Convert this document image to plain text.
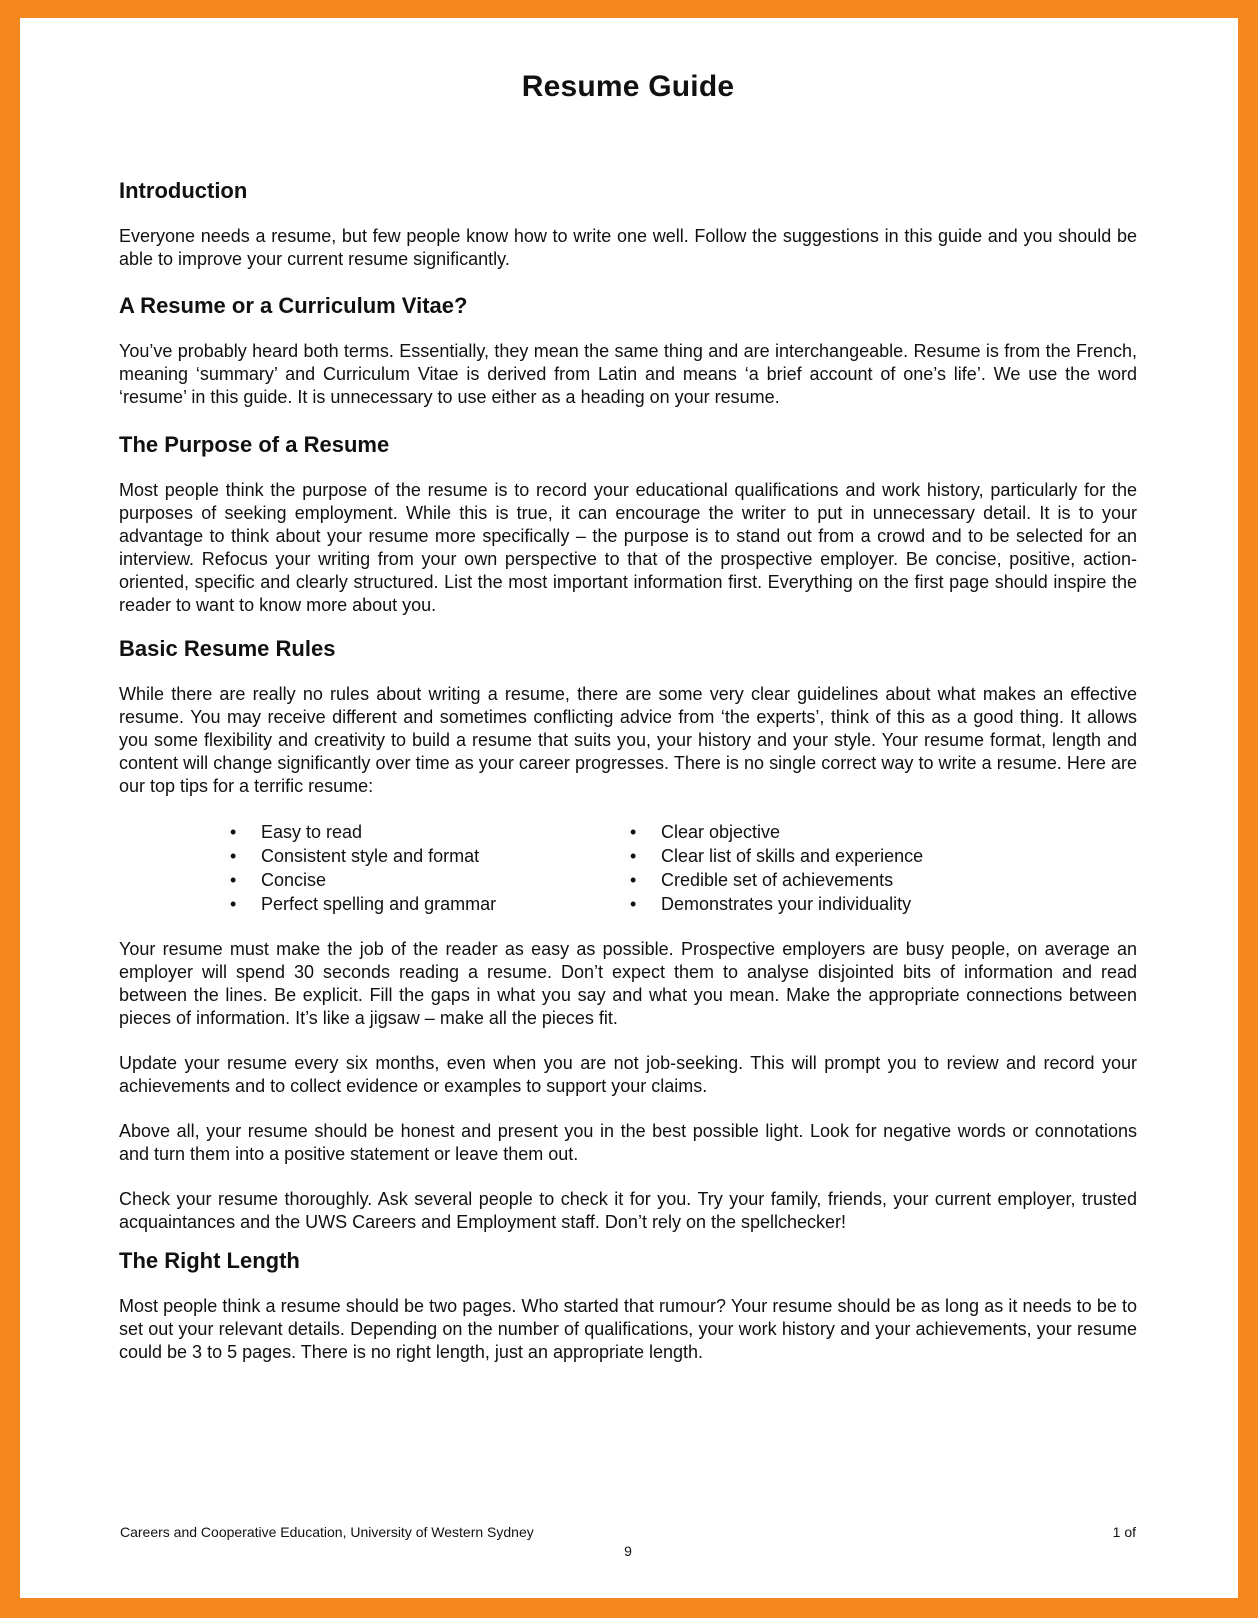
Resume Guide
Introduction

Everyone needs a resume, but few people know how to write one well. Follow the suggestions in this guide and you should be able to improve your current resume significantly.

A Resume or a Curriculum Vitae?

You’ve probably heard both terms. Essentially, they mean the same thing and are interchangeable. Resume is from the French, meaning ‘summary’ and Curriculum Vitae is derived from Latin and means ‘a brief account of one’s life’. We use the word ‘resume’ in this guide. It is unnecessary to use either as a heading on your resume.

The Purpose of a Resume

Most people think the purpose of the resume is to record your educational qualifications and work history, particularly for the purposes of seeking employment. While this is true, it can encourage the writer to put in unnecessary detail. It is to your advantage to think about your resume more specifically – the purpose is to stand out from a crowd and to be selected for an interview. Refocus your writing from your own perspective to that of the prospective employer. Be concise, positive, action-oriented, specific and clearly structured. List the most important information first. Everything on the first page should inspire the reader to want to know more about you.

Basic Resume Rules

While there are really no rules about writing a resume, there are some very clear guidelines about what makes an effective resume. You may receive different and sometimes conflicting advice from ‘the experts’, think of this as a good thing. It allows you some flexibility and creativity to build a resume that suits you, your history and your style. Your resume format, length and content will change significantly over time as your career progresses. There is no single correct way to write a resume. Here are our top tips for a terrific resume:

• Easy to read
• Consistent style and format
• Concise
• Perfect spelling and grammar
• Clear objective
• Clear list of skills and experience
• Credible set of achievements
• Demonstrates your individuality

Your resume must make the job of the reader as easy as possible. Prospective employers are busy people, on average an employer will spend 30 seconds reading a resume. Don’t expect them to analyse disjointed bits of information and read between the lines. Be explicit. Fill the gaps in what you say and what you mean. Make the appropriate connections between pieces of information. It’s like a jigsaw – make all the pieces fit.

Update your resume every six months, even when you are not job-seeking. This will prompt you to review and record your achievements and to collect evidence or examples to support your claims.

Above all, your resume should be honest and present you in the best possible light. Look for negative words or connotations and turn them into a positive statement or leave them out.

Check your resume thoroughly. Ask several people to check it for you. Try your family, friends, your current employer, trusted acquaintances and the UWS Careers and Employment staff. Don’t rely on the spellchecker!

The Right Length

Most people think a resume should be two pages. Who started that rumour? Your resume should be as long as it needs to be to set out your relevant details. Depending on the number of qualifications, your work history and your achievements, your resume could be 3 to 5 pages. There is no right length, just an appropriate length.

Careers and Cooperative Education, University of Western Sydney	1 of
9
